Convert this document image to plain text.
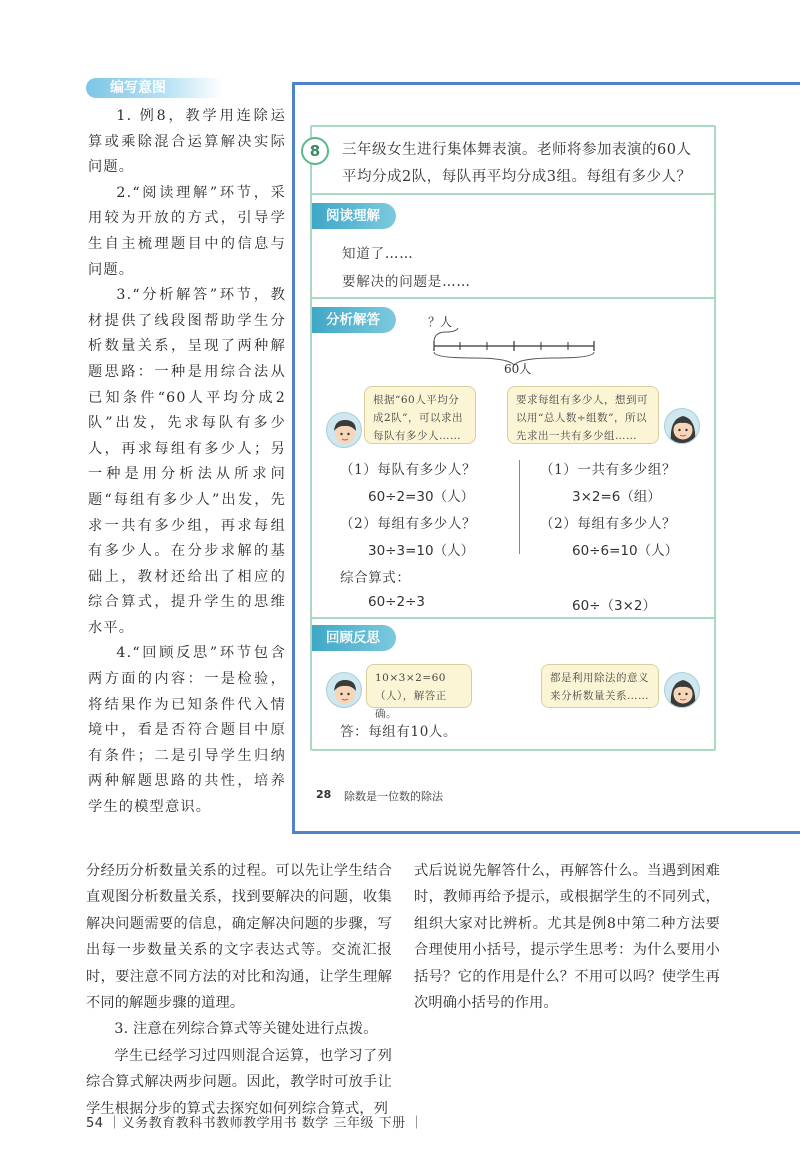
编写意图

1. 例8，教学用连除运算或乘除混合运算解决实际问题。

2.“阅读理解”环节，采用较为开放的方式，引导学生自主梳理题目中的信息与问题。

3.“分析解答”环节，教材提供了线段图帮助学生分析数量关系，呈现了两种解题思路：一种是用综合法从已知条件“60人平均分成2队”出发，先求每队有多少人，再求每组有多少人；另一种是用分析法从所求问题“每组有多少人”出发，先求一共有多少组，再求每组有多少人。在分步求解的基础上，教材还给出了相应的综合算式，提升学生的思维水平。

4.“回顾反思”环节包含两方面的内容：一是检验，将结果作为已知条件代入情境中，看是否符合题目中原有条件；二是引导学生归纳两种解题思路的共性，培养学生的模型意识。

8	三年级女生进行集体舞表演。老师将参加表演的60人平均分成2队，每队再平均分成3组。每组有多少人？
阅读理解
知道了……
要解决的问题是……
分析解答	？人
60人
根据“60人平均分成2队”，可以求出每队有多少人……
要求每组有多少人，想到可以用“总人数÷组数”，所以先求出一共有多少组……
（1）每队有多少人？
60÷2=30（人）
（2）每组有多少人？
30÷3=10（人）
（1）一共有多少组？
3×2=6（组）
（2）每组有多少人？
60÷6=10（人）
综合算式：
60÷2÷3	60÷（3×2）
回顾反思
10×3×2=60（人），解答正确。
都是利用除法的意义来分析数量关系……
答：每组有10人。
28 除数是一位数的除法

分经历分析数量关系的过程。可以先让学生结合直观图分析数量关系，找到要解决的问题，收集解决问题需要的信息，确定解决问题的步骤，写出每一步数量关系的文字表达式等。交流汇报时，要注意不同方法的对比和沟通，让学生理解不同的解题步骤的道理。

3. 注意在列综合算式等关键处进行点拨。

学生已经学习过四则混合运算，也学习了列综合算式解决两步问题。因此，教学时可放手让学生根据分步的算式去探究如何列综合算式，列

式后说说先解答什么，再解答什么。当遇到困难时，教师再给予提示，或根据学生的不同列式，组织大家对比辨析。尤其是例8中第二种方法要合理使用小括号，提示学生思考：为什么要用小括号？它的作用是什么？不用可以吗？使学生再次明确小括号的作用。

54 ｜义务教育教科书教师教学用书 数学 三年级 下册 ｜
